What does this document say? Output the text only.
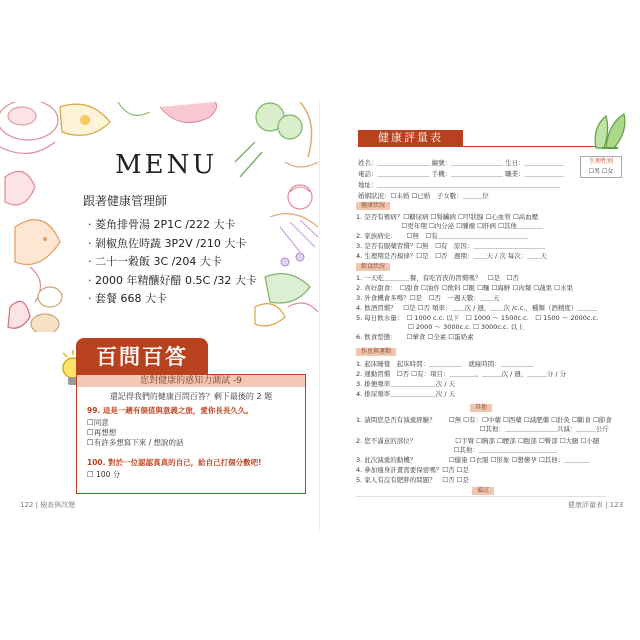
MENU
跟著健康管理師
· 菱角排骨湯 2P1C /222 大卡
· 剝椒魚佐時蔬 3P2V /210 大卡
· 二十一穀飯 3C /204 大卡
· 2000 年精釀好醋 0.5C /32 大卡
· 套餐 668 大卡
百問百答
您對健康的感知力測試 -9
還記得我們的健康百問百答？剩下最後的 2 題
99. 這是一趟有個值與意義之旅，愛你長長久久。
☐同意
☐再想想
☐有許多想寫下來 / 想說的話
100. 對於一位認認真真的自己，給自己打個分數吧!
☐ 100 分
122 | 檢查與改變
健康評量表
生理性別
☐男 ☐女
姓名：＿＿＿＿＿＿＿＿ 編號：＿＿＿＿＿＿＿＿ 生日：＿＿＿＿＿＿
電話：＿＿＿＿＿＿＿＿ 手機：＿＿＿＿＿＿＿＿ 職業：＿＿＿＿＿＿
地址：＿＿＿＿＿＿＿＿＿＿＿＿＿＿＿＿＿＿＿＿＿＿＿＿＿＿＿＿
婚姻狀況：☐未婚 ☐已婚　子女數：＿＿＿位
健康狀況
1. 是否有罹病？☐糖尿病 ☐腎臟病 ☐甲狀腺 ☐心血管 ☐高血壓
　　　　　　　☐更年期 ☐內分泌 ☐腫瘤 ☐肝病 ☐其他＿＿＿＿
2. 家族病史：　　☐無　☐有＿＿＿＿＿＿＿＿＿＿＿＿＿＿
3. 是否有服藥習慣？☐無　☐有　原因：＿＿＿＿＿＿＿＿＿＿＿
4. 生理期是否規律？☐是　☐否　週期：＿＿天 / 次 每次：＿＿天
飲食狀況
1. 一天吃＿＿＿＿餐，有吃宵夜的習慣嗎？　☐是　☐否
2. 喜好甜食：　☐甜食 ☐油炸 ☐飲料 ☐飯 ☐麵 ☐海鮮 ☐肉類 ☐蔬果 ☐水果
3. 外食機會多嗎？☐是　☐否　一週天數：＿＿天
4. 飲酒習慣？　☐是 ☐否 頻率：＿＿次 / 週，＿＿次 /c.c.，種類（酒精度）＿＿＿
5. 每日飲水量：　☐ 1000 c.c. 以下　☐ 1000 ～ 1500c.c.　☐ 1500 ～ 2000c.c.
　　　　　　　　☐ 2000 ～ 3000c.c. ☐ 3000c.c. 以上
6. 飲食型態：　　☐葷食 ☐全素 ☐蛋奶素
作息與運動
1. 起床睡覺　起床時間：＿＿＿＿＿　就寢時間：＿＿＿＿＿
2. 運動習慣　☐否 ☐有：項目：＿＿＿＿、＿＿＿次 / 週，＿＿＿分 / 分
3. 排便頻率＿＿＿＿＿＿＿次 / 天
4. 排尿頻率＿＿＿＿＿＿＿次 / 天
其他
1. 請問您是否有減重經驗？　　☐無 ☐有：☐中藥 ☐西藥 ☐減肥藥 ☐針灸 ☐斷食 ☐節食
　　　　　　　　　　　　　　　　　　　☐其他：＿＿＿＿＿＿＿＿共減：＿＿＿公斤
2. 您不滿意的部位？　　　　　　☐手臂 ☐胸部 ☐腰部 ☐腹部 ☐臀部 ☐大腿 ☐小腿
　　　　　　　　　　　　　　　☐其他：＿＿＿＿＿＿＿＿＿＿＿＿
3. 此次減重的動機？　　　　　☐健康 ☐衣服 ☐形象 ☐想懷孕 ☐其他：＿＿＿＿
4. 參加瘦身計畫需要保密嗎？☐否 ☐是
5. 家人有沒有肥胖的問題？　☐否 ☐是
備註
健康評量表 | 123
